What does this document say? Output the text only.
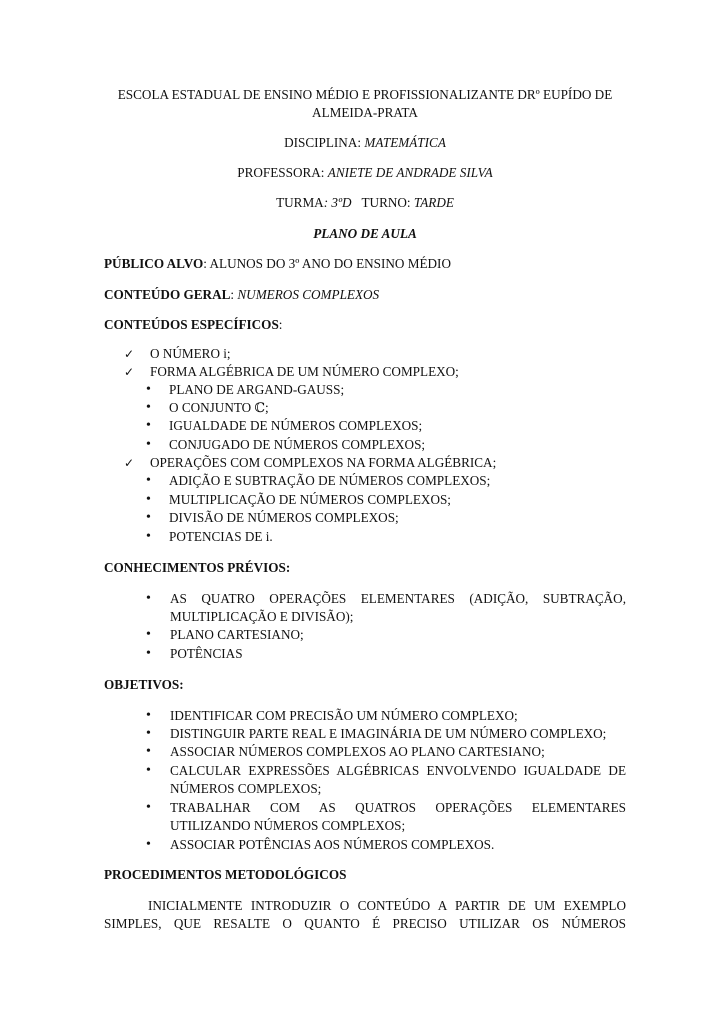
ESCOLA ESTADUAL DE ENSINO MÉDIO E PROFISSIONALIZANTE DRº EUPÍDO DE
ALMEIDA-PRATA
DISCIPLINA: MATEMÁTICA
PROFESSORA: ANIETE DE ANDRADE SILVA
TURMA: 3ºD TURNO: TARDE
PLANO DE AULA
PÚBLICO ALVO: ALUNOS DO 3º ANO DO ENSINO MÉDIO
CONTEÚDO GERAL: NUMEROS COMPLEXOS
CONTEÚDOS ESPECÍFICOS:
✓ O NÚMERO i;
✓ FORMA ALGÉBRICA DE UM NÚMERO COMPLEXO;
• PLANO DE ARGAND-GAUSS;
• O CONJUNTO ℂ;
• IGUALDADE DE NÚMEROS COMPLEXOS;
• CONJUGADO DE NÚMEROS COMPLEXOS;
✓ OPERAÇÕES COM COMPLEXOS NA FORMA ALGÉBRICA;
• ADIÇÃO E SUBTRAÇÃO DE NÚMEROS COMPLEXOS;
• MULTIPLICAÇÃO DE NÚMEROS COMPLEXOS;
• DIVISÃO DE NÚMEROS COMPLEXOS;
• POTENCIAS DE i.
CONHECIMENTOS PRÉVIOS:
• AS QUATRO OPERAÇÕES ELEMENTARES (ADIÇÃO, SUBTRAÇÃO,
MULTIPLICAÇÃO E DIVISÃO);
• PLANO CARTESIANO;
• POTÊNCIAS
OBJETIVOS:
• IDENTIFICAR COM PRECISÃO UM NÚMERO COMPLEXO;
• DISTINGUIR PARTE REAL E IMAGINÁRIA DE UM NÚMERO COMPLEXO;
• ASSOCIAR NÚMEROS COMPLEXOS AO PLANO CARTESIANO;
• CALCULAR EXPRESSÕES ALGÉBRICAS ENVOLVENDO IGUALDADE DE
NÚMEROS COMPLEXOS;
• TRABALHAR COM AS QUATROS OPERAÇÕES ELEMENTARES
UTILIZANDO NÚMEROS COMPLEXOS;
• ASSOCIAR POTÊNCIAS AOS NÚMEROS COMPLEXOS.
PROCEDIMENTOS METODOLÓGICOS
INICIALMENTE INTRODUZIR O CONTEÚDO A PARTIR DE UM EXEMPLO
SIMPLES, QUE RESALTE O QUANTO É PRECISO UTILIZAR OS NÚMEROS
